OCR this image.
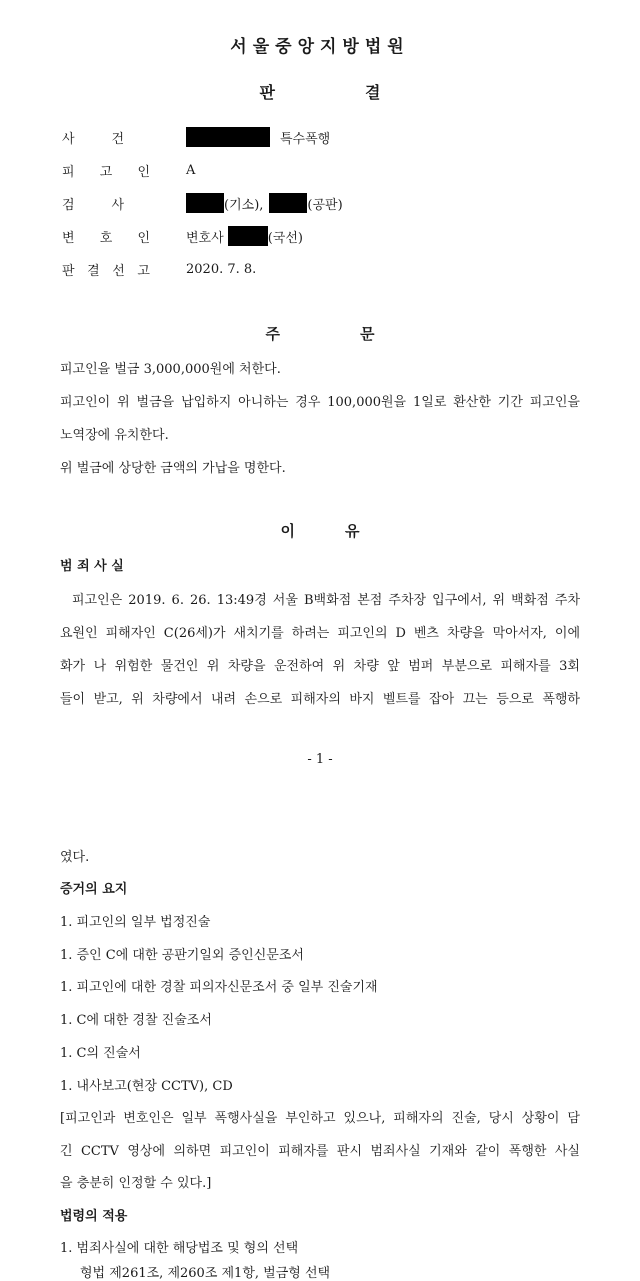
서울중앙지방법원
판	결
사	건	특수폭행
피 고 인	A
검	사	(기소),	(공판)
변 호 인	변호사	(국선)
판 결 선 고	2020. 7. 8.
주	문
피고인을 벌금 3,000,000원에 처한다.
피고인이 위 벌금을 납입하지 아니하는 경우 100,000원을 1일로 환산한 기간 피고인을
노역장에 유치한다.
위 벌금에 상당한 금액의 가납을 명한다.
이	유
범 죄 사 실
피고인은 2019. 6. 26. 13:49경 서울 B백화점 본점 주차장 입구에서, 위 백화점 주차
요원인 피해자인 C(26세)가 새치기를 하려는 피고인의 D 벤츠 차량을 막아서자, 이에
화가 나 위험한 물건인 위 차량을 운전하여 위 차량 앞 범퍼 부분으로 피해자를 3회
들이 받고, 위 차량에서 내려 손으로 피해자의 바지 벨트를 잡아 끄는 등으로 폭행하
- 1 -
였다.
증거의 요지
1. 피고인의 일부 법정진술
1. 증인 C에 대한 공판기일외 증인신문조서
1. 피고인에 대한 경찰 피의자신문조서 중 일부 진술기재
1. C에 대한 경찰 진술조서
1. C의 진술서
1. 내사보고(현장 CCTV), CD
[피고인과 변호인은 일부 폭행사실을 부인하고 있으나, 피해자의 진술, 당시 상황이 담
긴 CCTV 영상에 의하면 피고인이 피해자를 판시 범죄사실 기재와 같이 폭행한 사실
을 충분히 인정할 수 있다.]
법령의 적용
1. 범죄사실에 대한 해당법조 및 형의 선택
형법 제261조, 제260조 제1항, 벌금형 선택
